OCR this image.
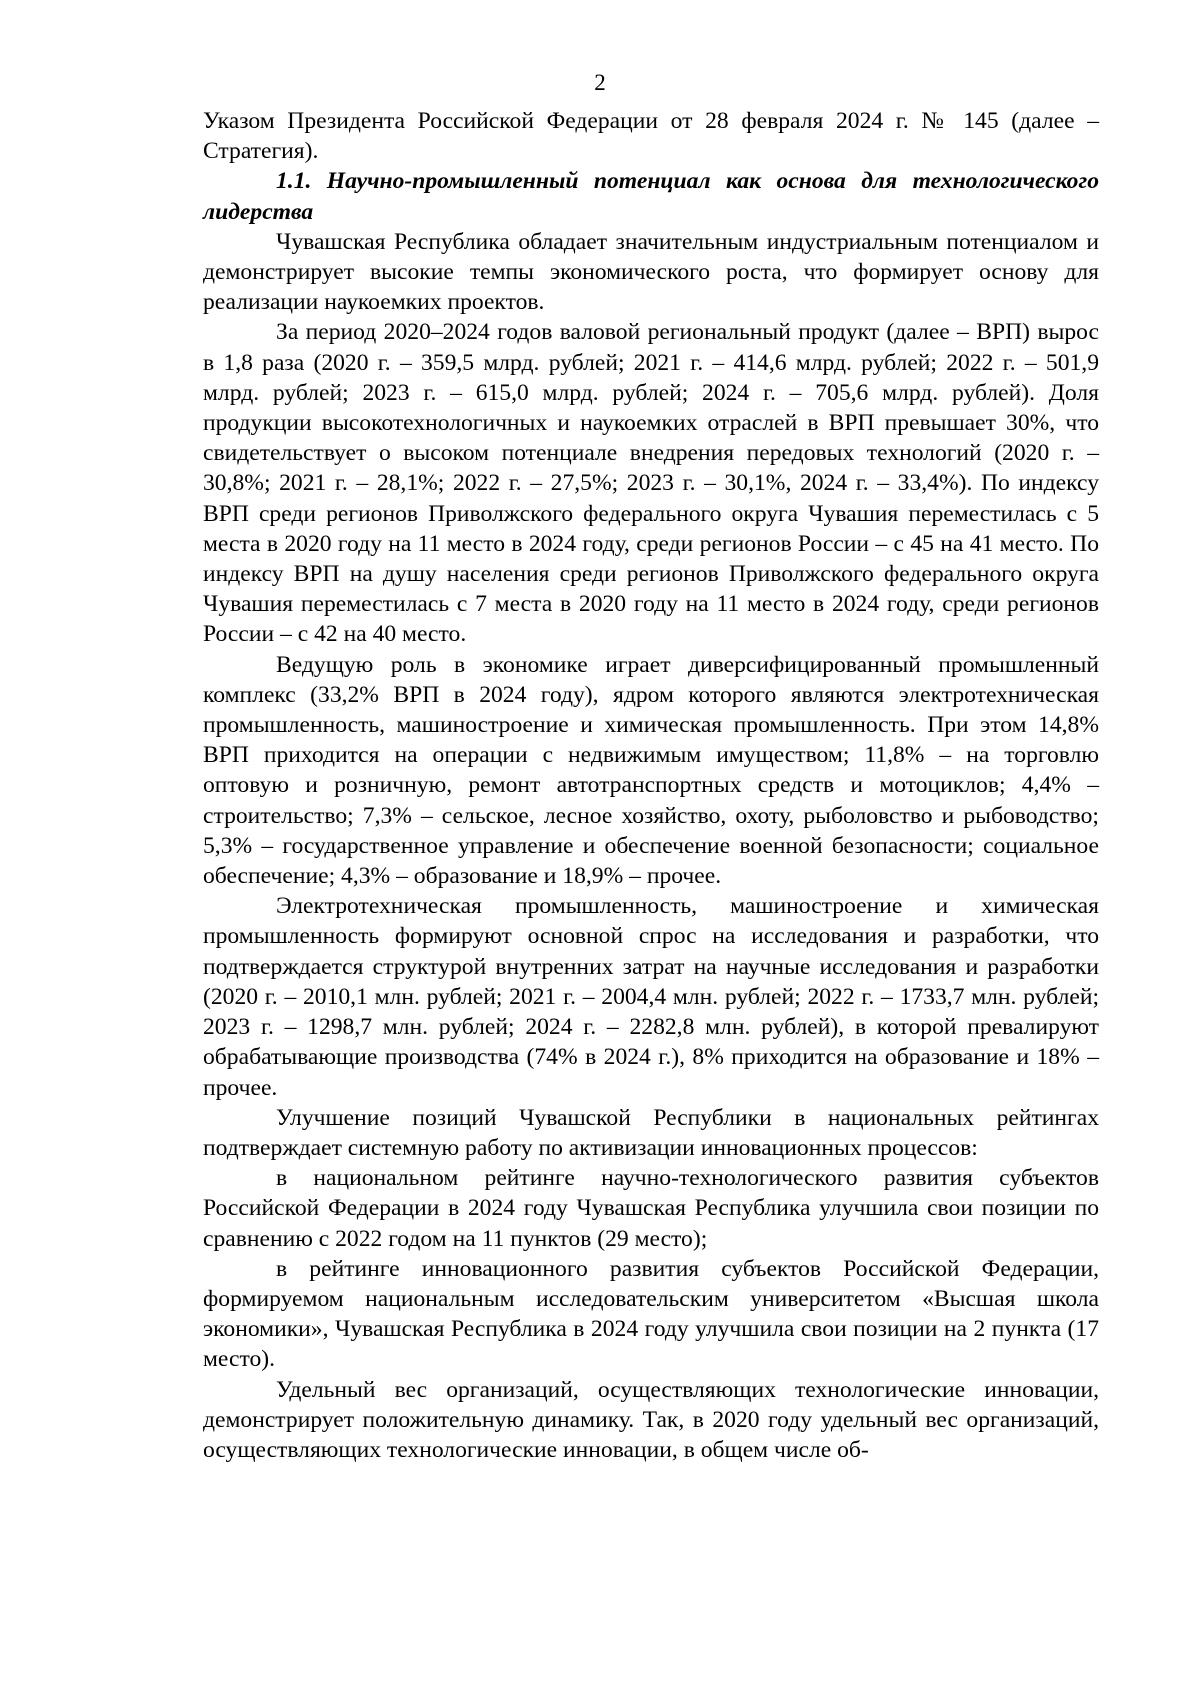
2

Указом Президента Российской Федерации от 28 февраля 2024 г. № 145 (далее – Стратегия).

1.1. Научно-промышленный потенциал как основа для технологического лидерства

Чувашская Республика обладает значительным индустриальным потенциалом и демонстрирует высокие темпы экономического роста, что формирует основу для реализации наукоемких проектов.

За период 2020–2024 годов валовой региональный продукт (далее – ВРП) вырос в 1,8 раза (2020 г. – 359,5 млрд. рублей; 2021 г. – 414,6 млрд. рублей; 2022 г. – 501,9 млрд. рублей; 2023 г. – 615,0 млрд. рублей; 2024 г. – 705,6 млрд. рублей). Доля продукции высокотехнологичных и наукоемких отраслей в ВРП превышает 30%, что свидетельствует о высоком потенциале внедрения передовых технологий (2020 г. – 30,8%; 2021 г. – 28,1%; 2022 г. – 27,5%; 2023 г. – 30,1%, 2024 г. – 33,4%). По индексу ВРП среди регионов Приволжского федерального округа Чувашия переместилась с 5 места в 2020 году на 11 место в 2024 году, среди регионов России – с 45 на 41 место. По индексу ВРП на душу населения среди регионов Приволжского федерального округа Чувашия переместилась с 7 места в 2020 году на 11 место в 2024 году, среди регионов России – с 42 на 40 место.

Ведущую роль в экономике играет диверсифицированный промышленный комплекс (33,2% ВРП в 2024 году), ядром которого являются электротехническая промышленность, машиностроение и химическая промышленность. При этом 14,8% ВРП приходится на операции с недвижимым имуществом; 11,8% – на торговлю оптовую и розничную, ремонт автотранспортных средств и мотоциклов; 4,4% – строительство; 7,3% – сельское, лесное хозяйство, охоту, рыболовство и рыбоводство; 5,3% – государственное управление и обеспечение военной безопасности; социальное обеспечение; 4,3% – образование и 18,9% – прочее.

Электротехническая промышленность, машиностроение и химическая промышленность формируют основной спрос на исследования и разработки, что подтверждается структурой внутренних затрат на научные исследования и разработки (2020 г. – 2010,1 млн. рублей; 2021 г. – 2004,4 млн. рублей; 2022 г. – 1733,7 млн. рублей; 2023 г. – 1298,7 млн. рублей; 2024 г. – 2282,8 млн. рублей), в которой превалируют обрабатывающие производства (74% в 2024 г.), 8% приходится на образование и 18% – прочее.

Улучшение позиций Чувашской Республики в национальных рейтингах подтверждает системную работу по активизации инновационных процессов:

в национальном рейтинге научно-технологического развития субъектов Российской Федерации в 2024 году Чувашская Республика улучшила свои позиции по сравнению с 2022 годом на 11 пунктов (29 место);

в рейтинге инновационного развития субъектов Российской Федерации, формируемом национальным исследовательским университетом «Высшая школа экономики», Чувашская Республика в 2024 году улучшила свои позиции на 2 пункта (17 место).

Удельный вес организаций, осуществляющих технологические инновации, демонстрирует положительную динамику. Так, в 2020 году удельный вес организаций, осуществляющих технологические инновации, в общем числе об-
